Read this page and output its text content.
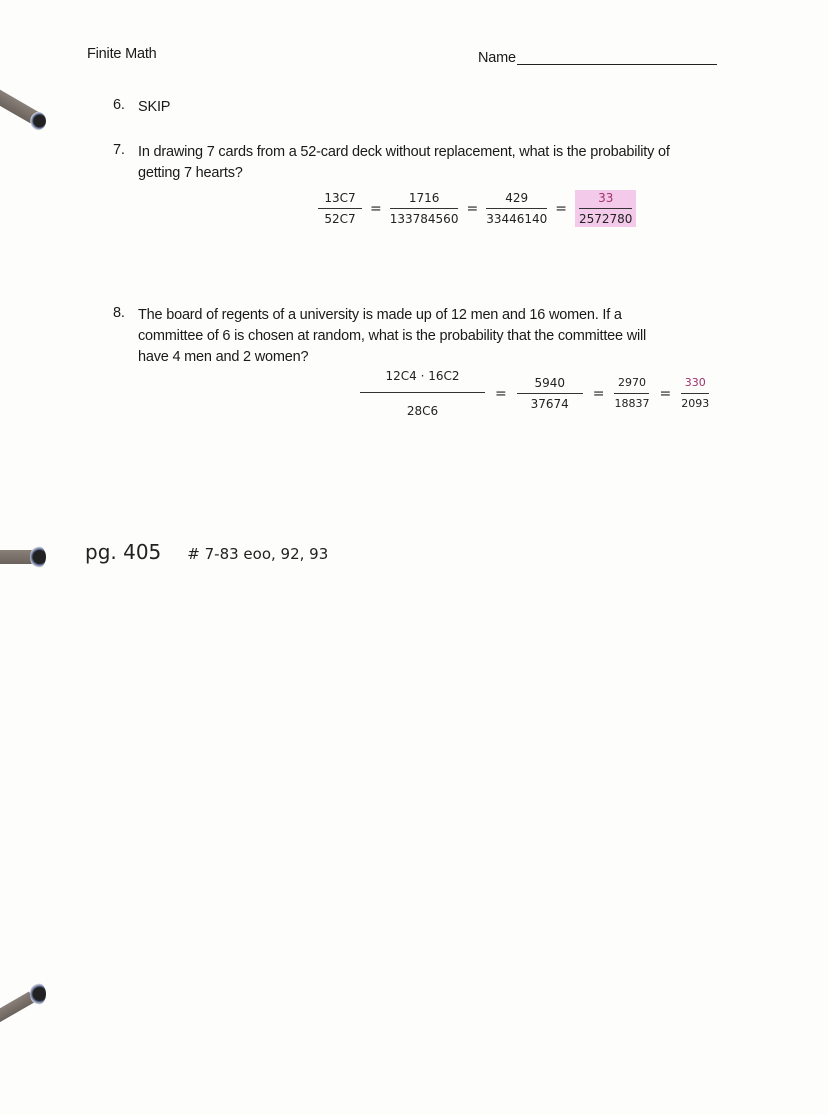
Finite Math	Name
6. SKIP
7. In drawing 7 cards from a 52-card deck without replacement, what is the probability of
getting 7 hearts?
$\frac{13C7}{52C7} = \frac{1716}{133784560} = \frac{429}{33446140} = \frac{33}{2572780}$
8. The board of regents of a university is made up of 12 men and 16 women. If a
committee of 6 is chosen at random, what is the probability that the committee will
have 4 men and 2 women?
$\frac{12C4 \cdot 16C2}{28C6} = \frac{5940}{37674} = \frac{2970}{18837} = \frac{330}{2093}$
pg. 405 # 7-83 eoo, 92, 93
